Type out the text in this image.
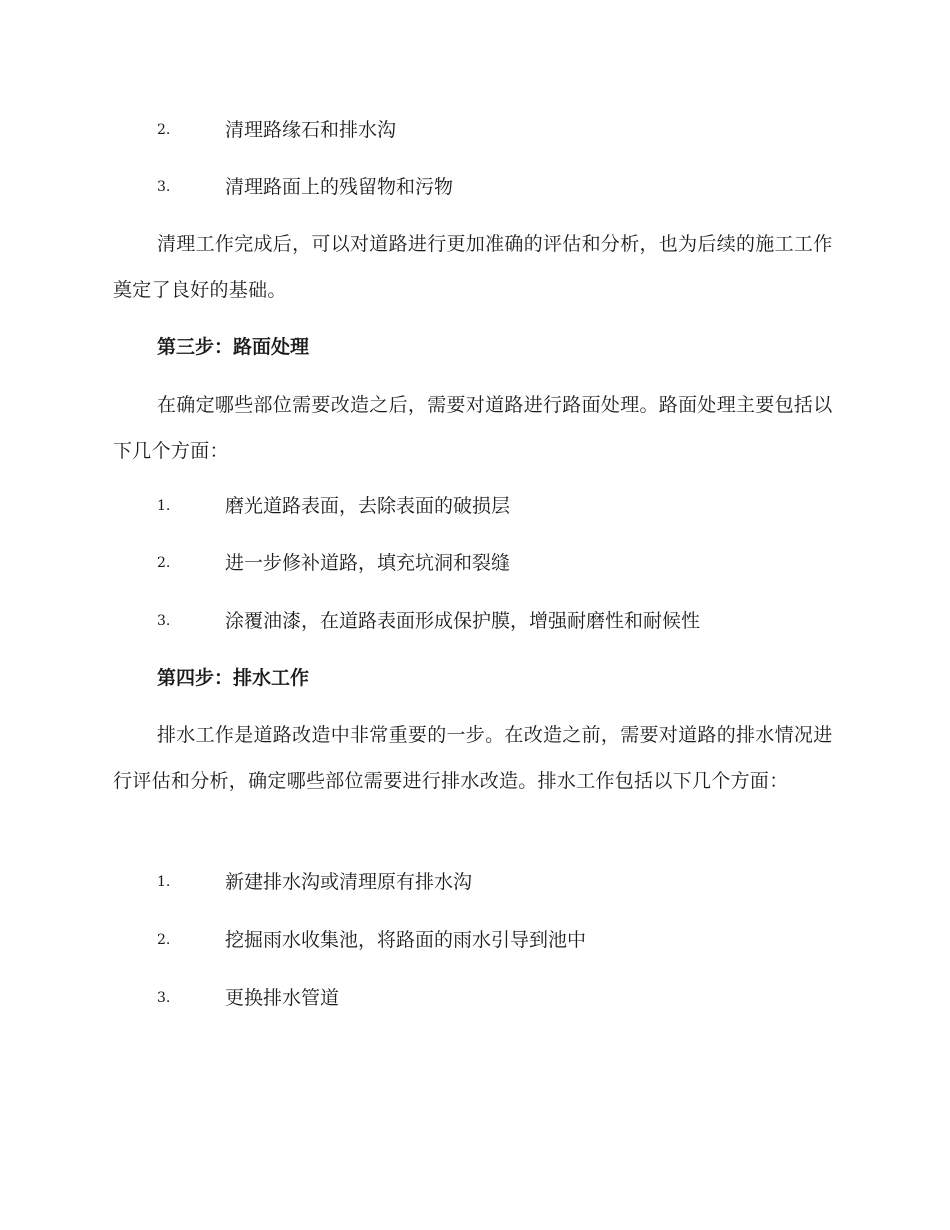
2.	清理路缘石和排水沟
3.	清理路面上的残留物和污物
清理工作完成后，可以对道路进行更加准确的评估和分析，也为后续的施工工作奠定了良好的基础。
第三步：路面处理
在确定哪些部位需要改造之后，需要对道路进行路面处理。路面处理主要包括以下几个方面：
1.	磨光道路表面，去除表面的破损层
2.	进一步修补道路，填充坑洞和裂缝
3.	涂覆油漆，在道路表面形成保护膜，增强耐磨性和耐候性
第四步：排水工作
排水工作是道路改造中非常重要的一步。在改造之前，需要对道路的排水情况进行评估和分析，确定哪些部位需要进行排水改造。排水工作包括以下几个方面：
1.	新建排水沟或清理原有排水沟
2.	挖掘雨水收集池，将路面的雨水引导到池中
3.	更换排水管道
